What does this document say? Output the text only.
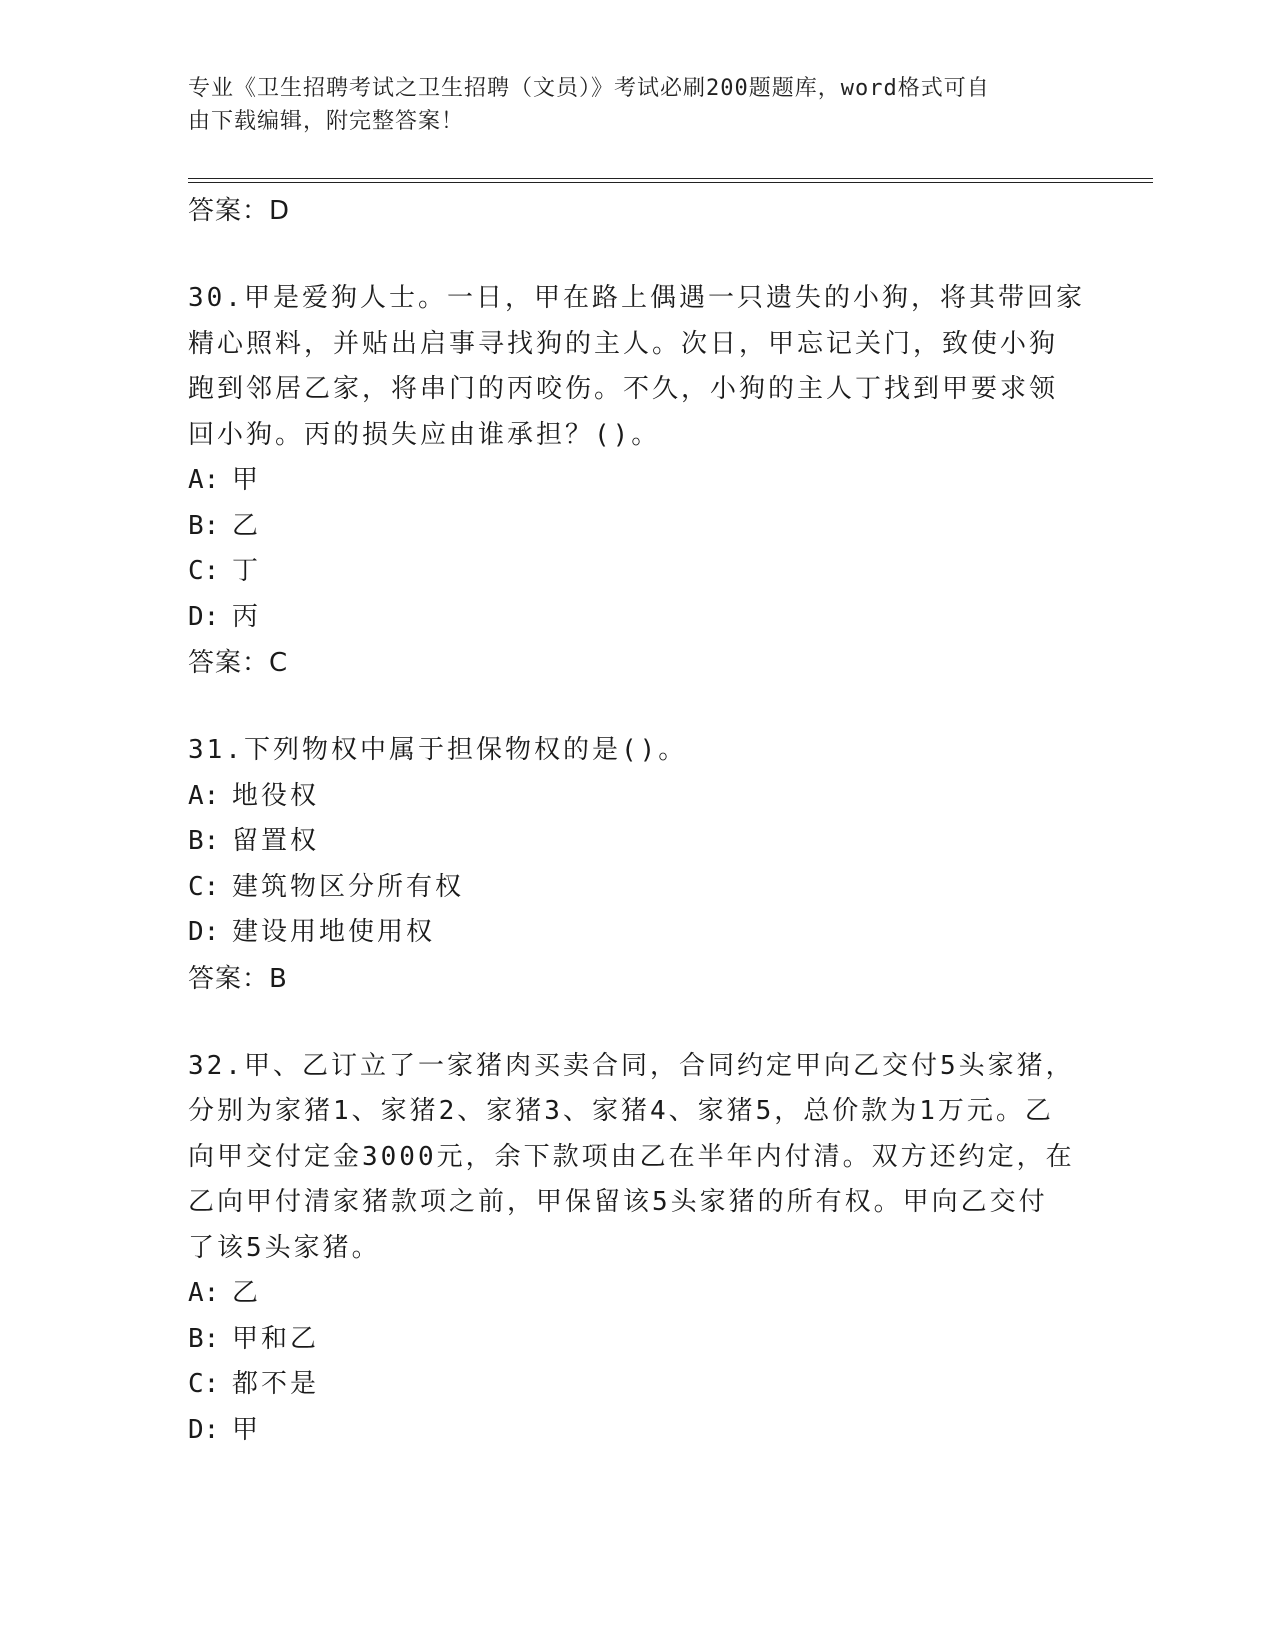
专业《卫生招聘考试之卫生招聘（文员）》考试必刷200题题库，word格式可自
由下载编辑，附完整答案！
答案：D
30.甲是爱狗人士。一日，甲在路上偶遇一只遗失的小狗，将其带回家
精心照料，并贴出启事寻找狗的主人。次日，甲忘记关门，致使小狗
跑到邻居乙家，将串门的丙咬伤。不久，小狗的主人丁找到甲要求领
回小狗。丙的损失应由谁承担？()。
A: 甲
B: 乙
C: 丁
D: 丙
答案：C
31.下列物权中属于担保物权的是()。
A: 地役权
B: 留置权
C: 建筑物区分所有权
D: 建设用地使用权
答案：B
32.甲、乙订立了一家猪肉买卖合同，合同约定甲向乙交付5头家猪，
分别为家猪1、家猪2、家猪3、家猪4、家猪5，总价款为1万元。乙
向甲交付定金3000元，余下款项由乙在半年内付清。双方还约定，在
乙向甲付清家猪款项之前，甲保留该5头家猪的所有权。甲向乙交付
了该5头家猪。
A: 乙
B: 甲和乙
C: 都不是
D: 甲
